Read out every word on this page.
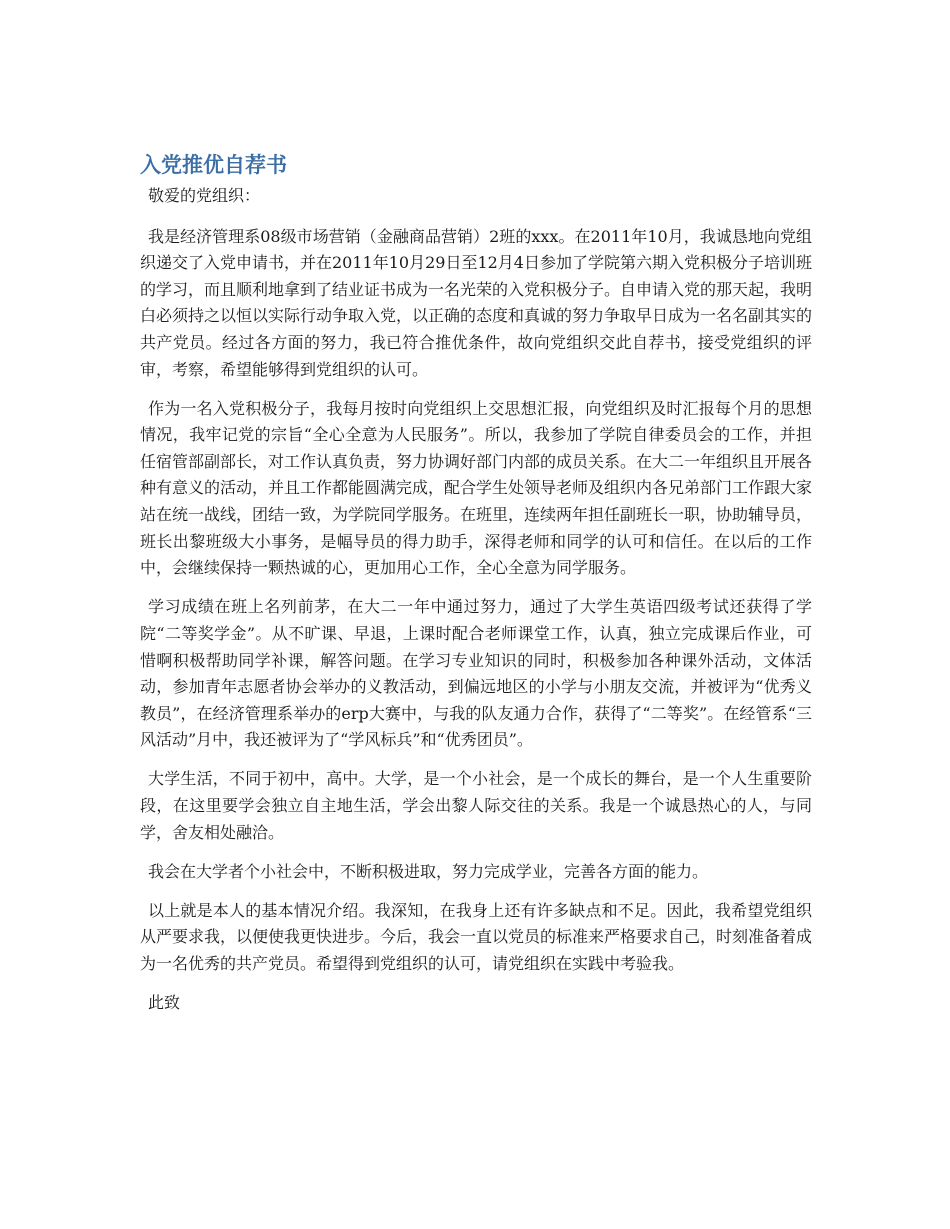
入党推优自荐书

敬爱的党组织：

我是经济管理系08级市场营销（金融商品营销）2班的xxx。在2011年10月，我诚恳地向党组织递交了入党申请书，并在2011年10月29日至12月4日参加了学院第六期入党积极分子培训班的学习，而且顺利地拿到了结业证书成为一名光荣的入党积极分子。自申请入党的那天起，我明白必须持之以恒以实际行动争取入党，以正确的态度和真诚的努力争取早日成为一名名副其实的共产党员。经过各方面的努力，我已符合推优条件，故向党组织交此自荐书，接受党组织的评审，考察，希望能够得到党组织的认可。

作为一名入党积极分子，我每月按时向党组织上交思想汇报，向党组织及时汇报每个月的思想情况，我牢记党的宗旨“全心全意为人民服务”。所以，我参加了学院自律委员会的工作，并担任宿管部副部长，对工作认真负责，努力协调好部门内部的成员关系。在大二一年组织且开展各种有意义的活动，并且工作都能圆满完成，配合学生处领导老师及组织内各兄弟部门工作跟大家站在统一战线，团结一致，为学院同学服务。在班里，连续两年担任副班长一职，协助辅导员，班长出黎班级大小事务，是幅导员的得力助手，深得老师和同学的认可和信任。在以后的工作中，会继续保持一颗热诚的心，更加用心工作，全心全意为同学服务。

学习成绩在班上名列前茅，在大二一年中通过努力，通过了大学生英语四级考试还获得了学院“二等奖学金”。从不旷课、早退，上课时配合老师课堂工作，认真，独立完成课后作业，可惜啊积极帮助同学补课，解答问题。在学习专业知识的同时，积极参加各种课外活动，文体活动，参加青年志愿者协会举办的义教活动，到偏远地区的小学与小朋友交流，并被评为“优秀义教员”，在经济管理系举办的erp大赛中，与我的队友通力合作，获得了“二等奖”。在经管系“三风活动”月中，我还被评为了“学风标兵”和“优秀团员”。

大学生活，不同于初中，高中。大学，是一个小社会，是一个成长的舞台，是一个人生重要阶段，在这里要学会独立自主地生活，学会出黎人际交往的关系。我是一个诚恳热心的人，与同学，舍友相处融洽。

我会在大学者个小社会中，不断积极进取，努力完成学业，完善各方面的能力。

以上就是本人的基本情况介绍。我深知，在我身上还有许多缺点和不足。因此，我希望党组织从严要求我，以便使我更快进步。今后，我会一直以党员的标准来严格要求自己，时刻准备着成为一名优秀的共产党员。希望得到党组织的认可，请党组织在实践中考验我。

此致
